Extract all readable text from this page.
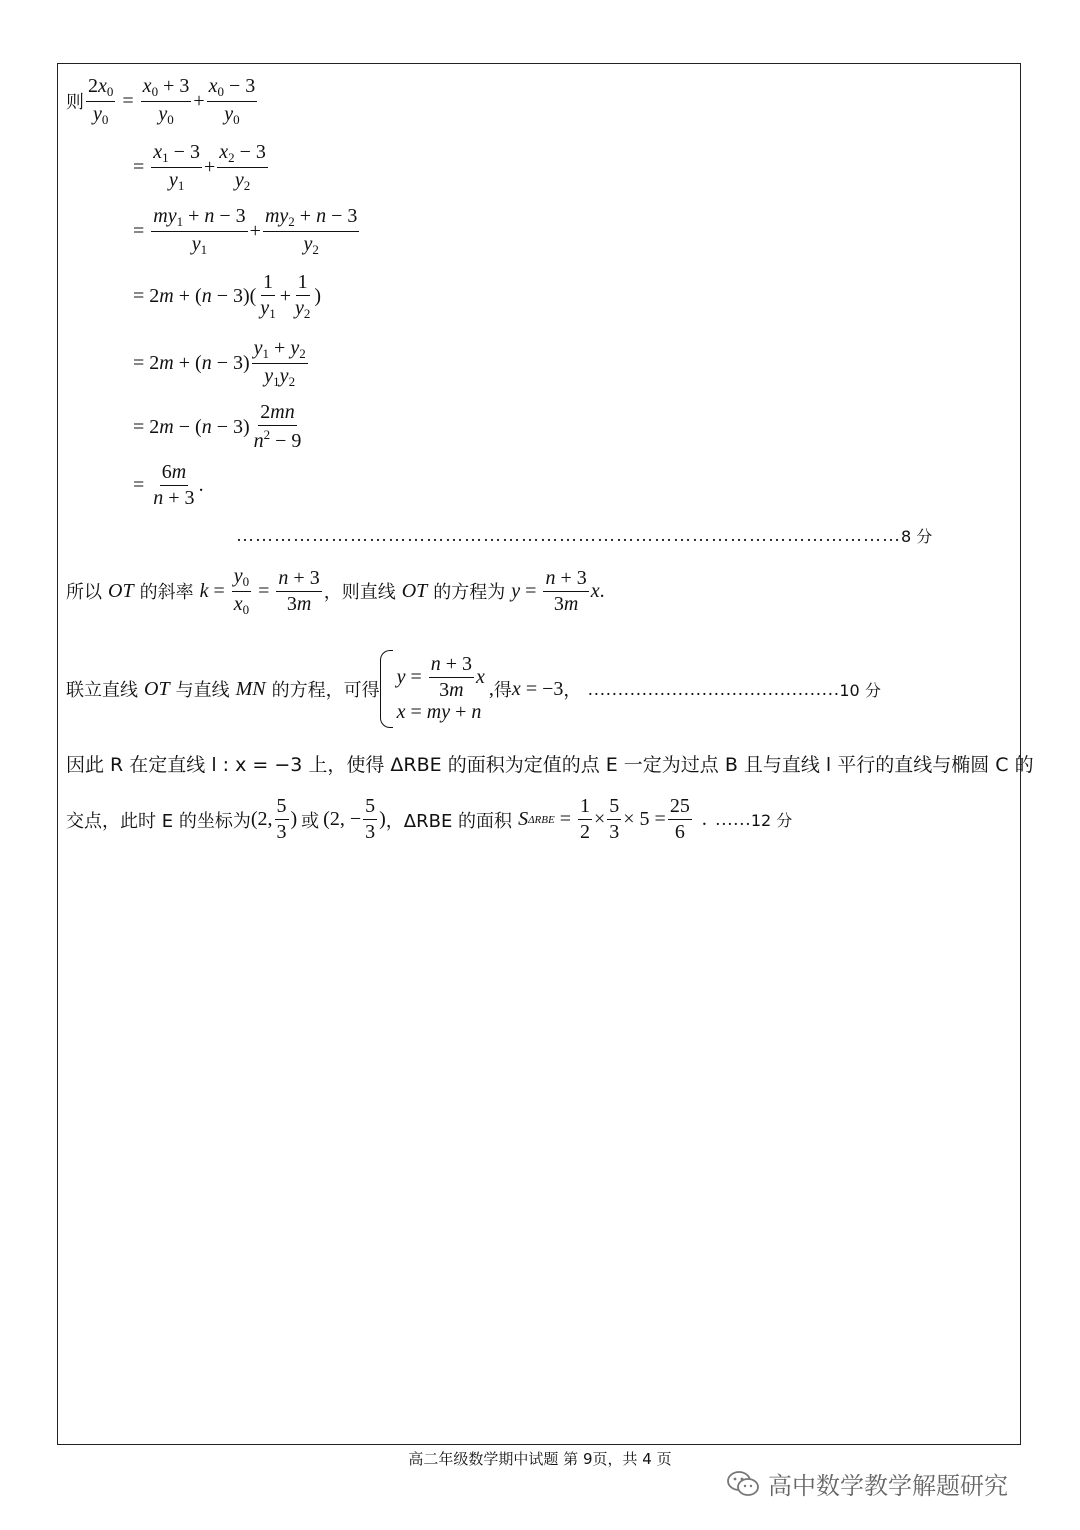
则 $\frac{2x_0}{y_0} = \frac{x_0 + 3}{y_0} + \frac{x_0 - 3}{y_0}$
= $\frac{x_1 - 3}{y_1} + \frac{x_2 - 3}{y_2}$
= $\frac{my_1 + n - 3}{y_1} + \frac{my_2 + n - 3}{y_2}$
= $2m + (n - 3)( \frac{1}{y_1} + \frac{1}{y_2}$ )
= $2m + (n - 3) \frac{y_1 + y_2}{y_1y_2}$
= $2m - (n - 3) \frac{2mn}{n^2 - 9}$
= $\frac{6m}{n + 3}$ .
…………………………………………………………………………………………… 8 分
所以 OT 的斜率 $k = \frac{y_0}{x_0} = \frac{n + 3}{3m}$ ，则直线 OT 的方程为 $y = \frac{n + 3}{3m}$ x .
联立直线 OT 与直线 MN 的方程，可得
$y = \frac{n + 3}{3m}$ x
x = my + n
, 得 x = −3 ， …………………………………… 10 分
因此 R 在定直线 l : x = −3 上，使得 ΔRBE 的面积为定值的点 E 一定为过点 B 且与直线 l 平行的直线与椭圆 C 的
交点，此时 E 的坐标为 (2, $\frac{5}{3}$ ) 或 (2, − $\frac{5}{3}$ ) ，ΔRBE 的面积 S $\Delta RBE = \frac{1}{2} \times \frac{5}{3} \times 5 = \frac{25}{6}$ . …… 12 分
高二年级数学期中试题 第 9页，共 4 页
高中数学教学解题研究
